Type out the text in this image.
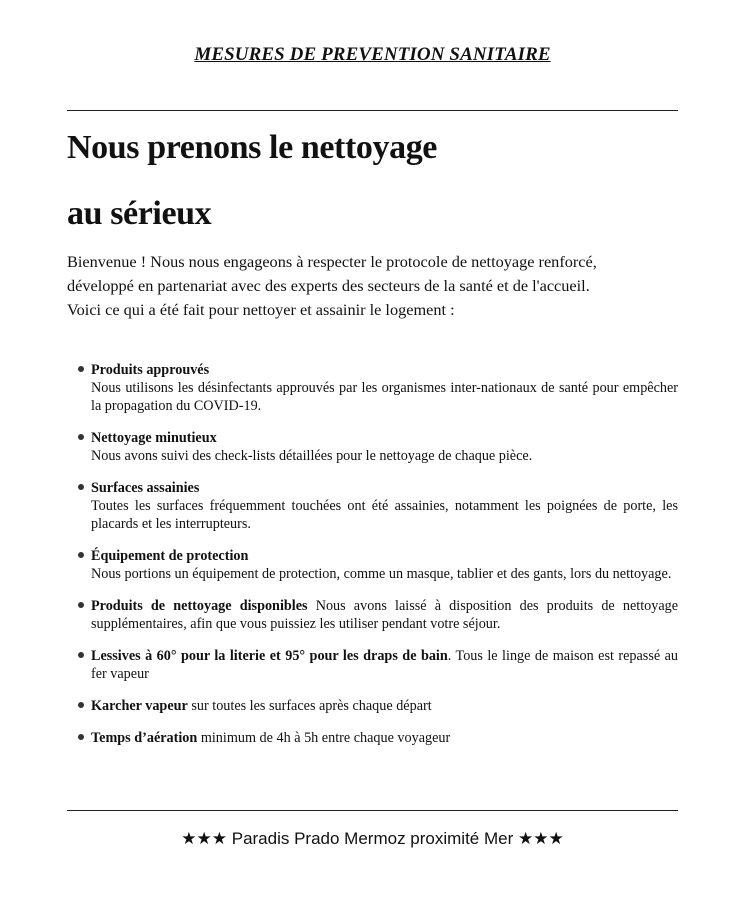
MESURES DE PREVENTION SANITAIRE
Nous prenons le nettoyage
au sérieux
Bienvenue ! Nous nous engageons à respecter le protocole de nettoyage renforcé,
développé en partenariat avec des experts des secteurs de la santé et de l'accueil.
Voici ce qui a été fait pour nettoyer et assainir le logement :
Produits approuvés
Nous utilisons les désinfectants approuvés par les organismes inter-nationaux de santé pour empêcher la propagation du COVID-19.
Nettoyage minutieux
Nous avons suivi des check-lists détaillées pour le nettoyage de chaque pièce.
Surfaces assainies
Toutes les surfaces fréquemment touchées ont été assainies, notamment les poignées de porte, les placards et les interrupteurs.
Équipement de protection
Nous portions un équipement de protection, comme un masque, tablier et des gants, lors du nettoyage.
Produits de nettoyage disponibles Nous avons laissé à disposition des produits de nettoyage supplémentaires, afin que vous puissiez les utiliser pendant votre séjour.
Lessives à 60° pour la literie et 95° pour les draps de bain. Tous le linge de maison est repassé au fer vapeur
Karcher vapeur sur toutes les surfaces après chaque départ
Temps d’aération minimum de 4h à 5h entre chaque voyageur
★★★ Paradis Prado Mermoz proximité Mer ★★★
